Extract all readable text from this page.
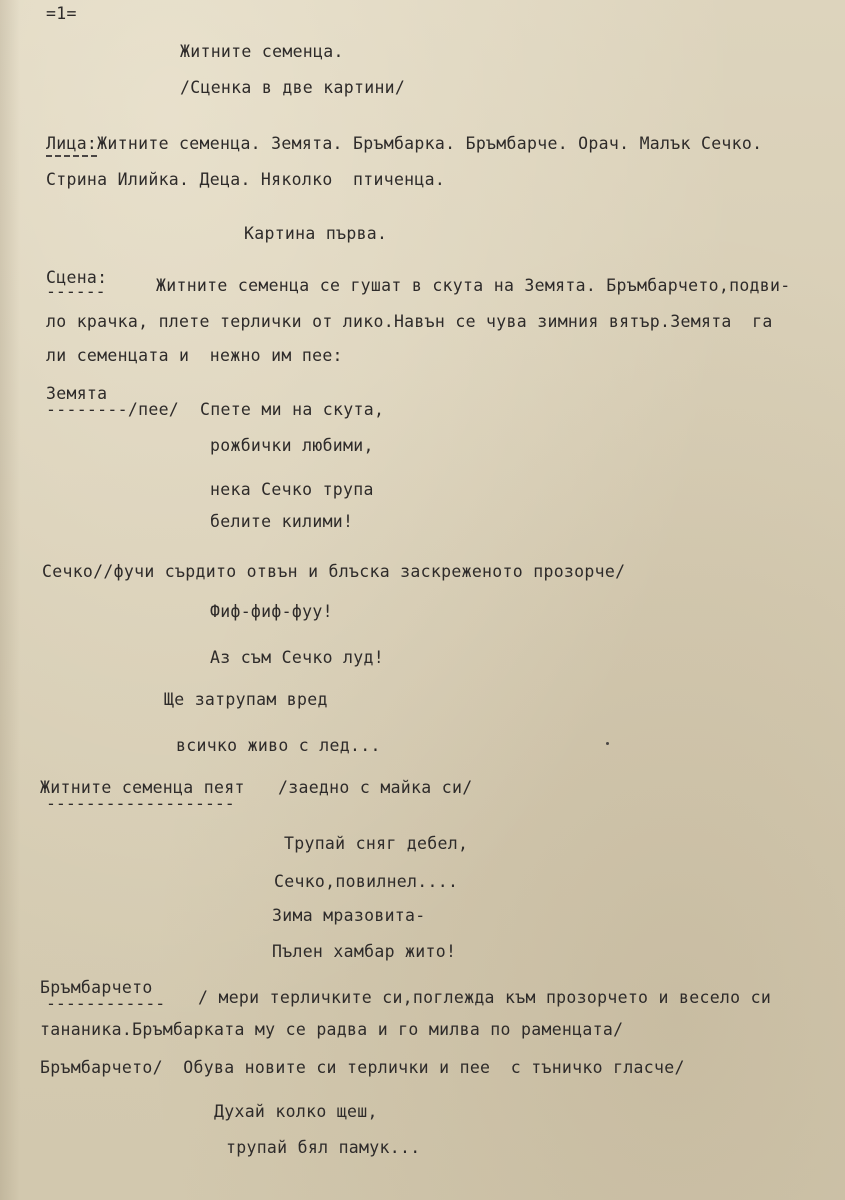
=1=
Житните семенца.
/Сценка в две картини/
Лица:Житните семенца. Земята. Бръмбарка. Бръмбарче. Орач. Малък Сечко.
Стрина Илийка. Деца. Няколко  птиченца.
Картина първа.
Сцена:
------	Житните семенца се гушат в скута на Земята. Бръмбарчето,подви-
ло крачка, плете терлички от лико.Навън се чува зимния вятър.Земята  га
ли семенцата и  нежно им пее:
Земята
--------/пее/ Спете ми на скута,
рожбички любими,
нека Сечко трупа
белите килими!
Сечко//фучи сърдито отвън и блъска заскреженото прозорче/
Фиф-фиф-фуу!
Аз съм Сечко луд!
Ще затрупам вред
всичко живо с лед...
Житните семенца пеят /заедно с майка си/
-------------------
Трупай сняг дебел,
Сечко,повилнел....
Зима мразовита-
Пълен хамбар жито!
Бръмбарчето
------------ / мери терличките си,поглежда към прозорчето и весело си
тананика.Бръмбарката му се радва и го милва по раменцата/
Бръмбарчето/  Обува новите си терлички и пее  с тъничко гласче/
Духай колко щеш,
трупай бял памук...
